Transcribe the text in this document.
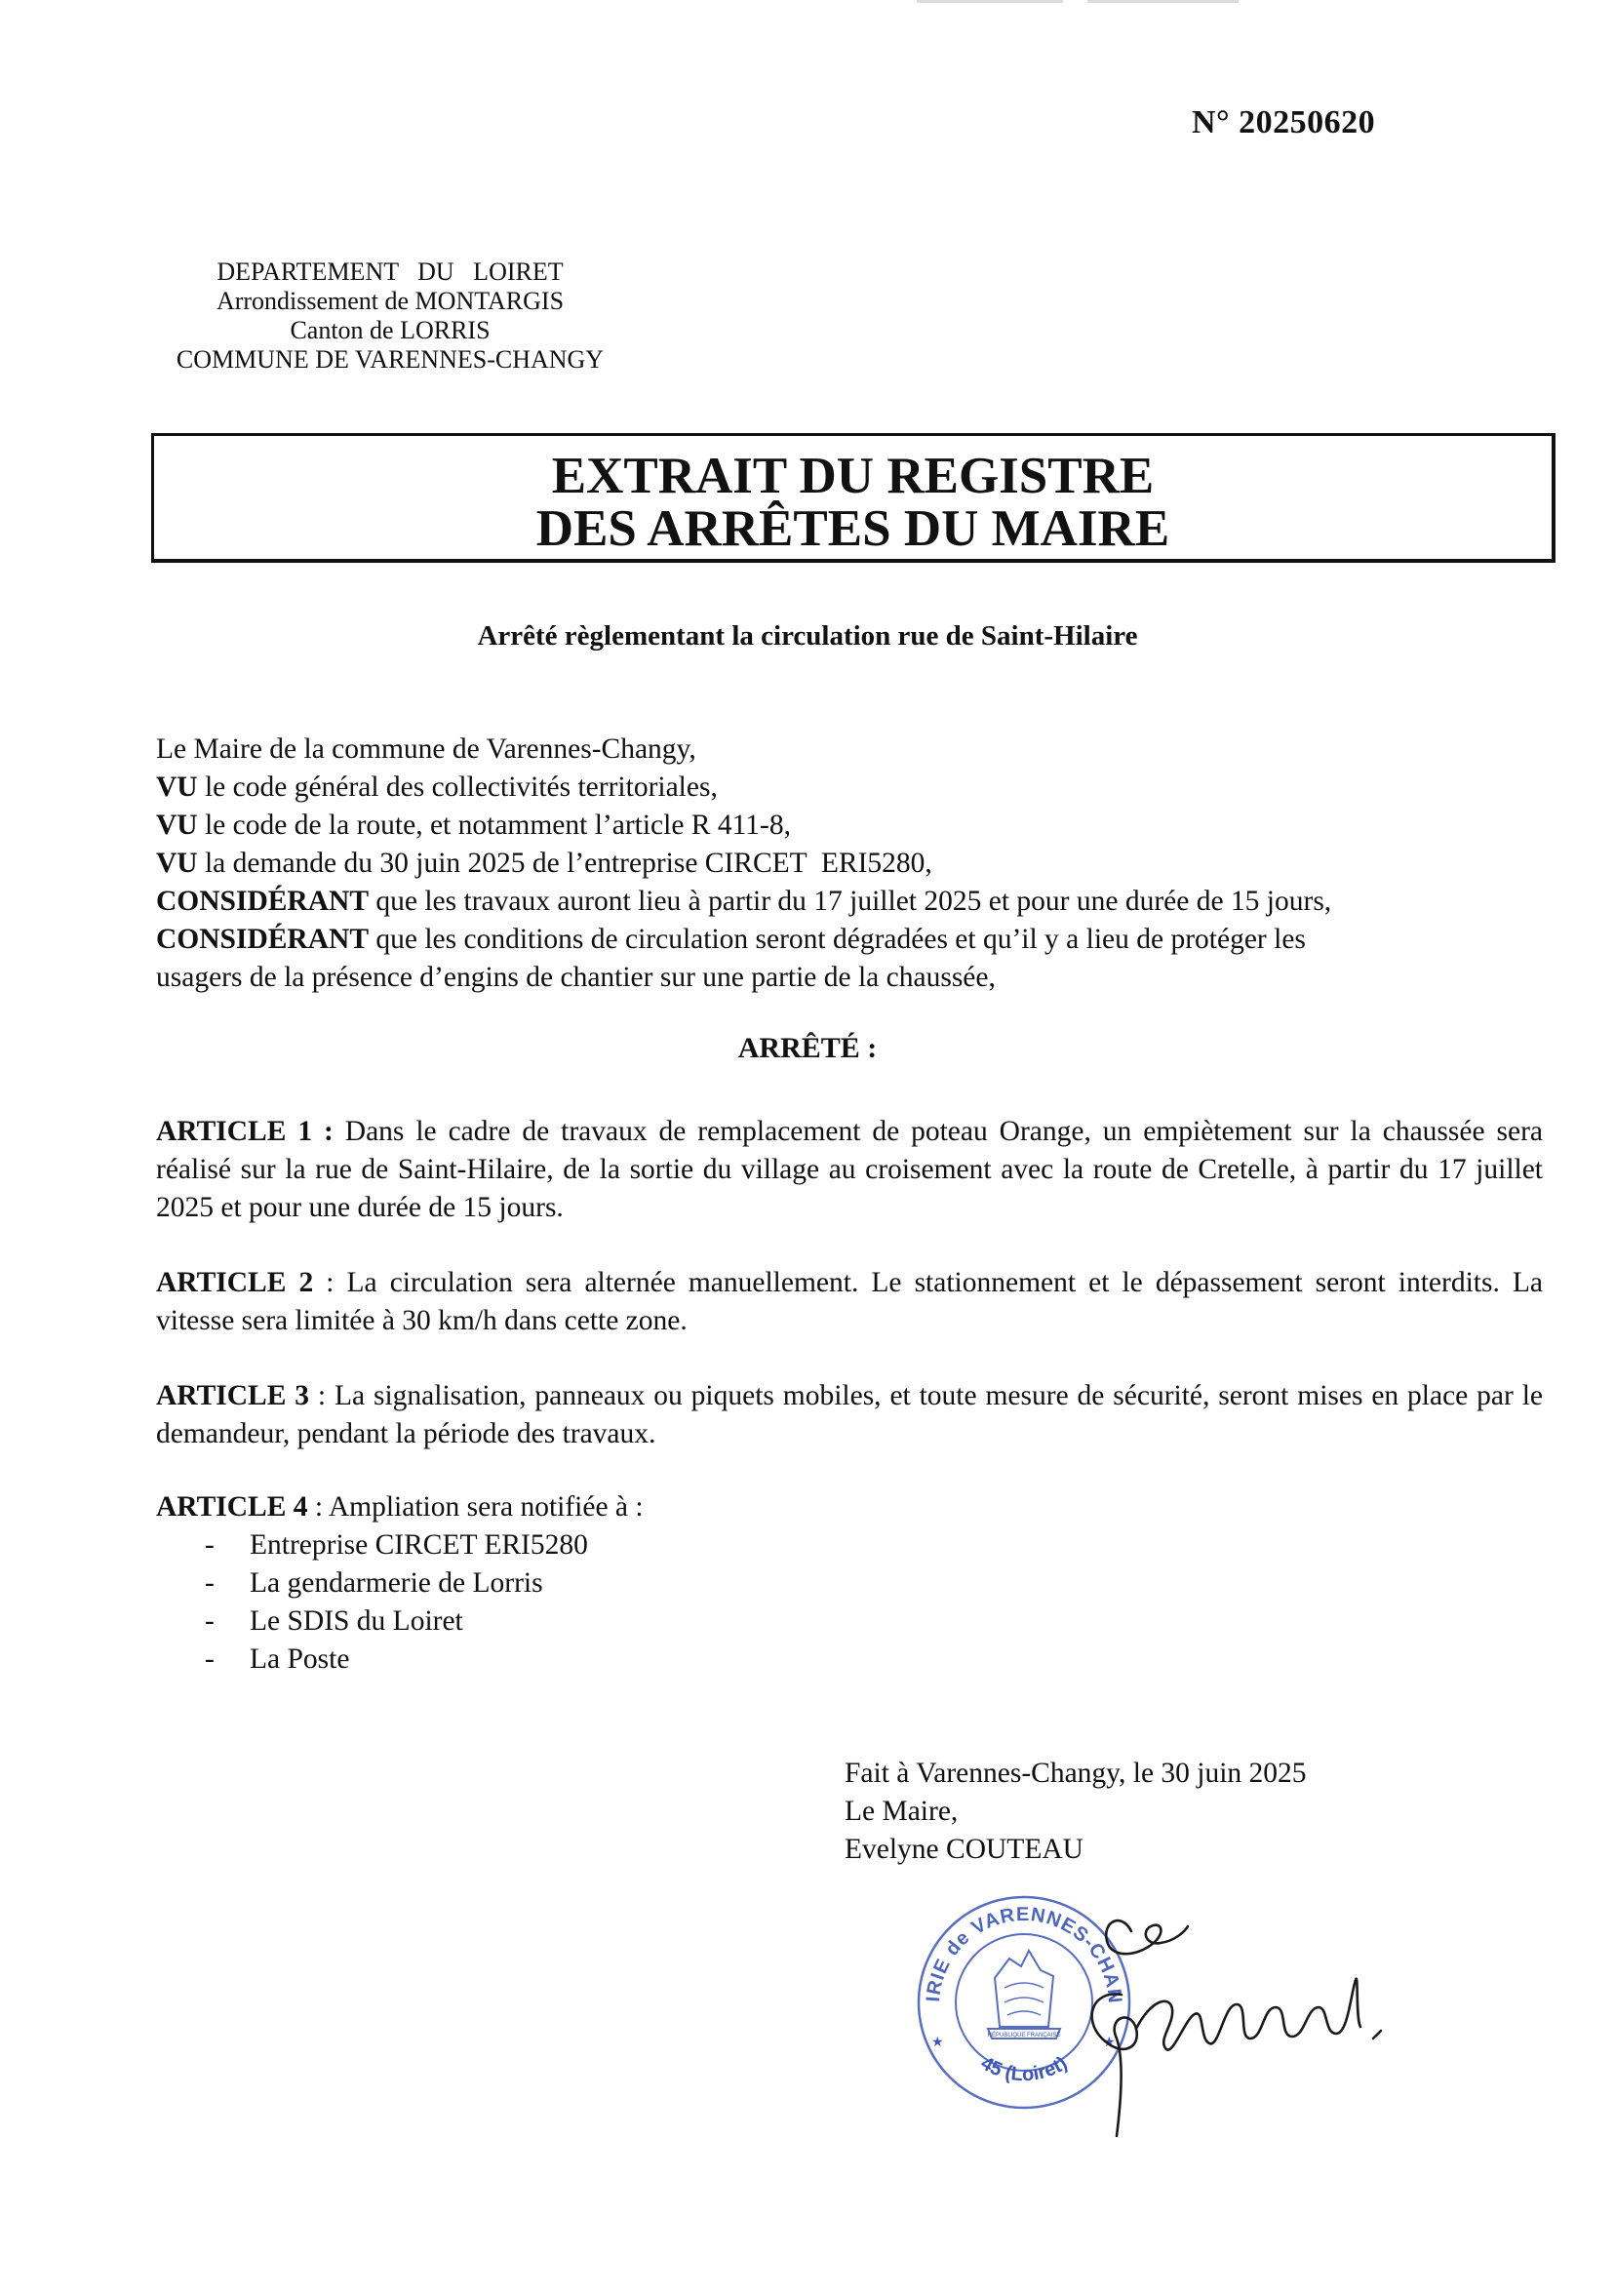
N° 20250620
DEPARTEMENT   DU   LOIRET
Arrondissement de MONTARGIS
Canton de LORRIS
COMMUNE DE VARENNES-CHANGY
EXTRAIT DU REGISTRE
DES ARRÊTES DU MAIRE
Arrêté règlementant la circulation rue de Saint-Hilaire

Le Maire de la commune de Varennes-Changy,

VU le code général des collectivités territoriales,

VU le code de la route, et notamment l’article R 411-8,

VU la demande du 30 juin 2025 de l’entreprise CIRCET  ERI5280,

CONSIDÉRANT que les travaux auront lieu à partir du 17 juillet 2025 et pour une durée de 15 jours,

CONSIDÉRANT que les conditions de circulation seront dégradées et qu’il y a lieu de protéger les

usagers de la présence d’engins de chantier sur une partie de la chaussée,

ARRÊTÉ :
ARTICLE 1 : Dans le cadre de travaux de remplacement de poteau Orange, un empiètement sur la chaussée sera réalisé sur la rue de Saint-Hilaire, de la sortie du village au croisement avec la route de Cretelle, à partir du 17 juillet 2025 et pour une durée de 15 jours.
ARTICLE 2 : La circulation sera alternée manuellement. Le stationnement et le dépassement seront interdits. La vitesse sera limitée à 30 km/h dans cette zone.
ARTICLE 3 : La signalisation, panneaux ou piquets mobiles, et toute mesure de sécurité, seront mises en place par le demandeur, pendant la période des travaux.
ARTICLE 4 : Ampliation sera notifiée à :
- Entreprise CIRCET ERI5280
- La gendarmerie de Lorris
- Le SDIS du Loiret
- La Poste
Fait à Varennes-Changy, le 30 juin 2025
Le Maire,
Evelyne COUTEAU
IRIE de VARENNES-CHAN
45 (Loiret)
RÉPUBLIQUE FRANÇAISE
★	★
